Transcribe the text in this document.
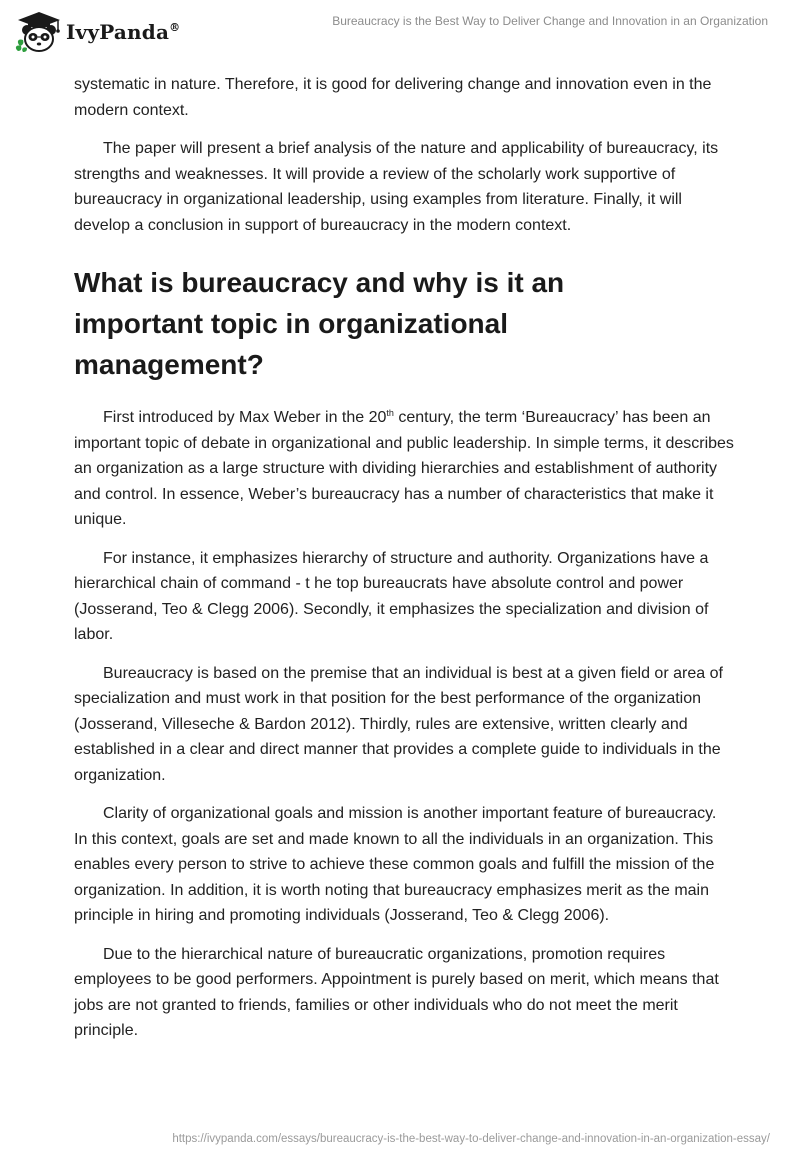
IvyPanda®	Bureaucracy is the Best Way to Deliver Change and Innovation in an Organization

systematic in nature. Therefore, it is good for delivering change and innovation even in the modern context.

The paper will present a brief analysis of the nature and applicability of bureaucracy, its strengths and weaknesses. It will provide a review of the scholarly work supportive of bureaucracy in organizational leadership, using examples from literature. Finally, it will develop a conclusion in support of bureaucracy in the modern context.

What is bureaucracy and why is it an important topic in organizational management?

First introduced by Max Weber in the 20th century, the term ‘Bureaucracy’ has been an important topic of debate in organizational and public leadership. In simple terms, it describes an organization as a large structure with dividing hierarchies and establishment of authority and control. In essence, Weber’s bureaucracy has a number of characteristics that make it unique.

For instance, it emphasizes hierarchy of structure and authority. Organizations have a hierarchical chain of command - t he top bureaucrats have absolute control and power (Josserand, Teo & Clegg 2006). Secondly, it emphasizes the specialization and division of labor.

Bureaucracy is based on the premise that an individual is best at a given field or area of specialization and must work in that position for the best performance of the organization (Josserand, Villeseche & Bardon 2012). Thirdly, rules are extensive, written clearly and established in a clear and direct manner that provides a complete guide to individuals in the organization.

Clarity of organizational goals and mission is another important feature of bureaucracy. In this context, goals are set and made known to all the individuals in an organization. This enables every person to strive to achieve these common goals and fulfill the mission of the organization. In addition, it is worth noting that bureaucracy emphasizes merit as the main principle in hiring and promoting individuals (Josserand, Teo & Clegg 2006).

Due to the hierarchical nature of bureaucratic organizations, promotion requires employees to be good performers. Appointment is purely based on merit, which means that jobs are not granted to friends, families or other individuals who do not meet the merit principle.

https://ivypanda.com/essays/bureaucracy-is-the-best-way-to-deliver-change-and-innovation-in-an-organization-essay/
